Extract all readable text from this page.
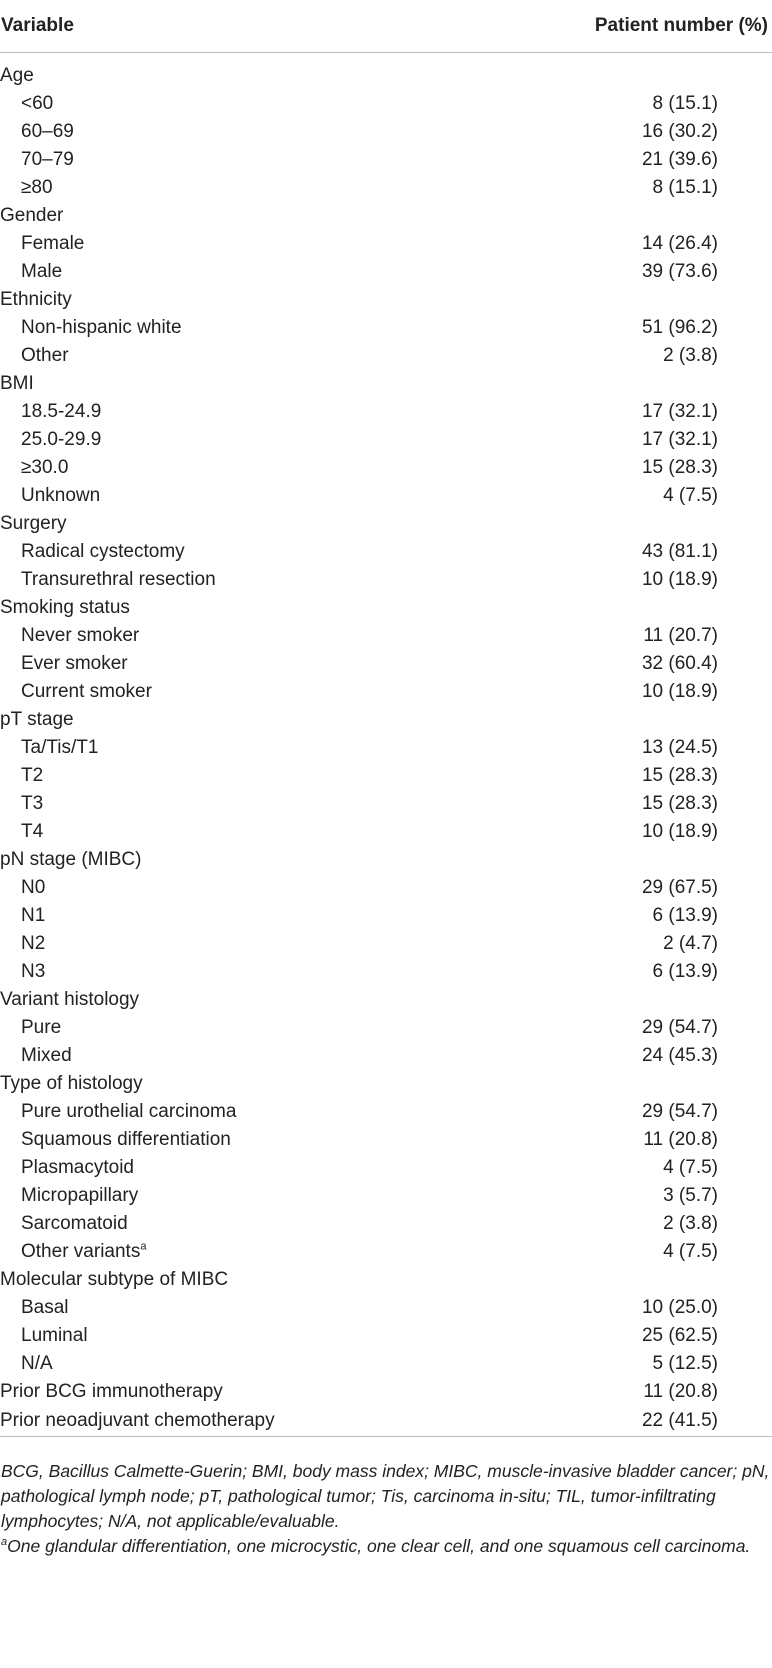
Variable	Patient number (%)

Age	
<60	8 (15.1)
60–69	16 (30.2)
70–79	21 (39.6)
≥80	8 (15.1)
Gender	
Female	14 (26.4)
Male	39 (73.6)
Ethnicity	
Non-hispanic white	51 (96.2)
Other	2 (3.8)
BMI	
18.5-24.9	17 (32.1)
25.0-29.9	17 (32.1)
≥30.0	15 (28.3)
Unknown	4 (7.5)
Surgery	
Radical cystectomy	43 (81.1)
Transurethral resection	10 (18.9)
Smoking status	
Never smoker	11 (20.7)
Ever smoker	32 (60.4)
Current smoker	10 (18.9)
pT stage	
Ta/Tis/T1	13 (24.5)
T2	15 (28.3)
T3	15 (28.3)
T4	10 (18.9)
pN stage (MIBC)	
N0	29 (67.5)
N1	6 (13.9)
N2	2 (4.7)
N3	6 (13.9)
Variant histology	
Pure	29 (54.7)
Mixed	24 (45.3)
Type of histology	
Pure urothelial carcinoma	29 (54.7)
Squamous differentiation	11 (20.8)
Plasmacytoid	4 (7.5)
Micropapillary	3 (5.7)
Sarcomatoid	2 (3.8)
Other variants$^a$	4 (7.5)
Molecular subtype of MIBC	
Basal	10 (25.0)
Luminal	25 (62.5)
N/A	5 (12.5)
Prior BCG immunotherapy	11 (20.8)
Prior neoadjuvant chemotherapy	22 (41.5)

BCG, Bacillus Calmette-Guerin; BMI, body mass index; MIBC, muscle-invasive bladder cancer; pN, pathological lymph node; pT, pathological tumor; Tis, carcinoma in-situ; TIL, tumor-infiltrating lymphocytes; N/A, not applicable/evaluable.

$^a$One glandular differentiation, one microcystic, one clear cell, and one squamous cell carcinoma.
